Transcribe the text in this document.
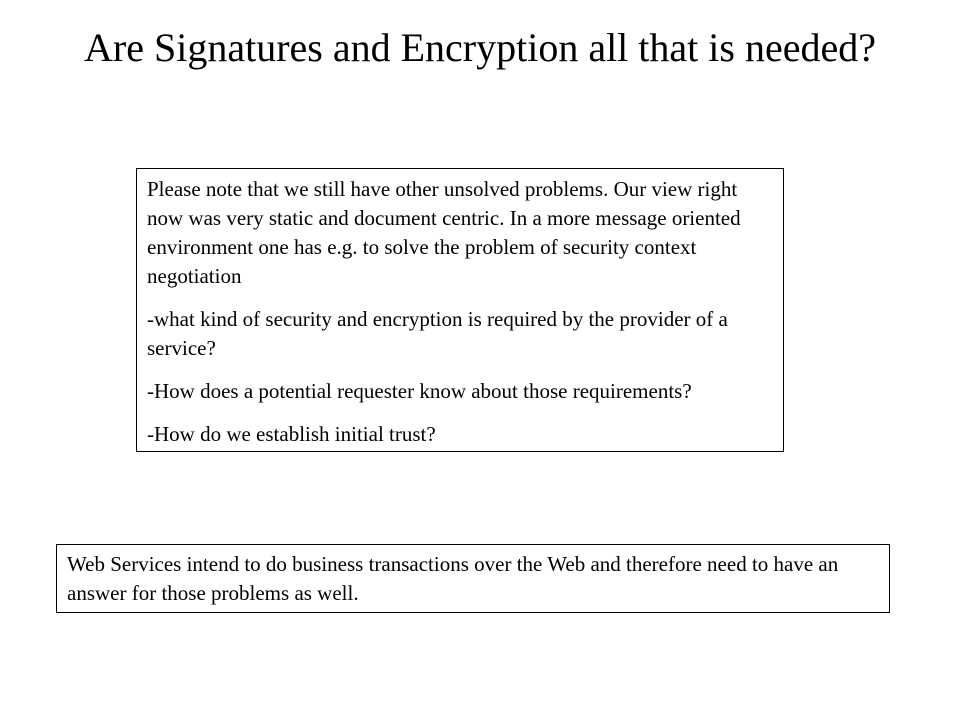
Are Signatures and Encryption all that is needed?

Please note that we still have other unsolved problems. Our view right now was very static and document centric. In a more message oriented environment one has e.g. to solve the problem of security context negotiation

-what kind of security and encryption is required by the provider of a service?

-How does a potential requester know about those requirements?

-How do we establish initial trust?

Web Services intend to do business transactions over the Web and therefore need to have an answer for those problems as well.
